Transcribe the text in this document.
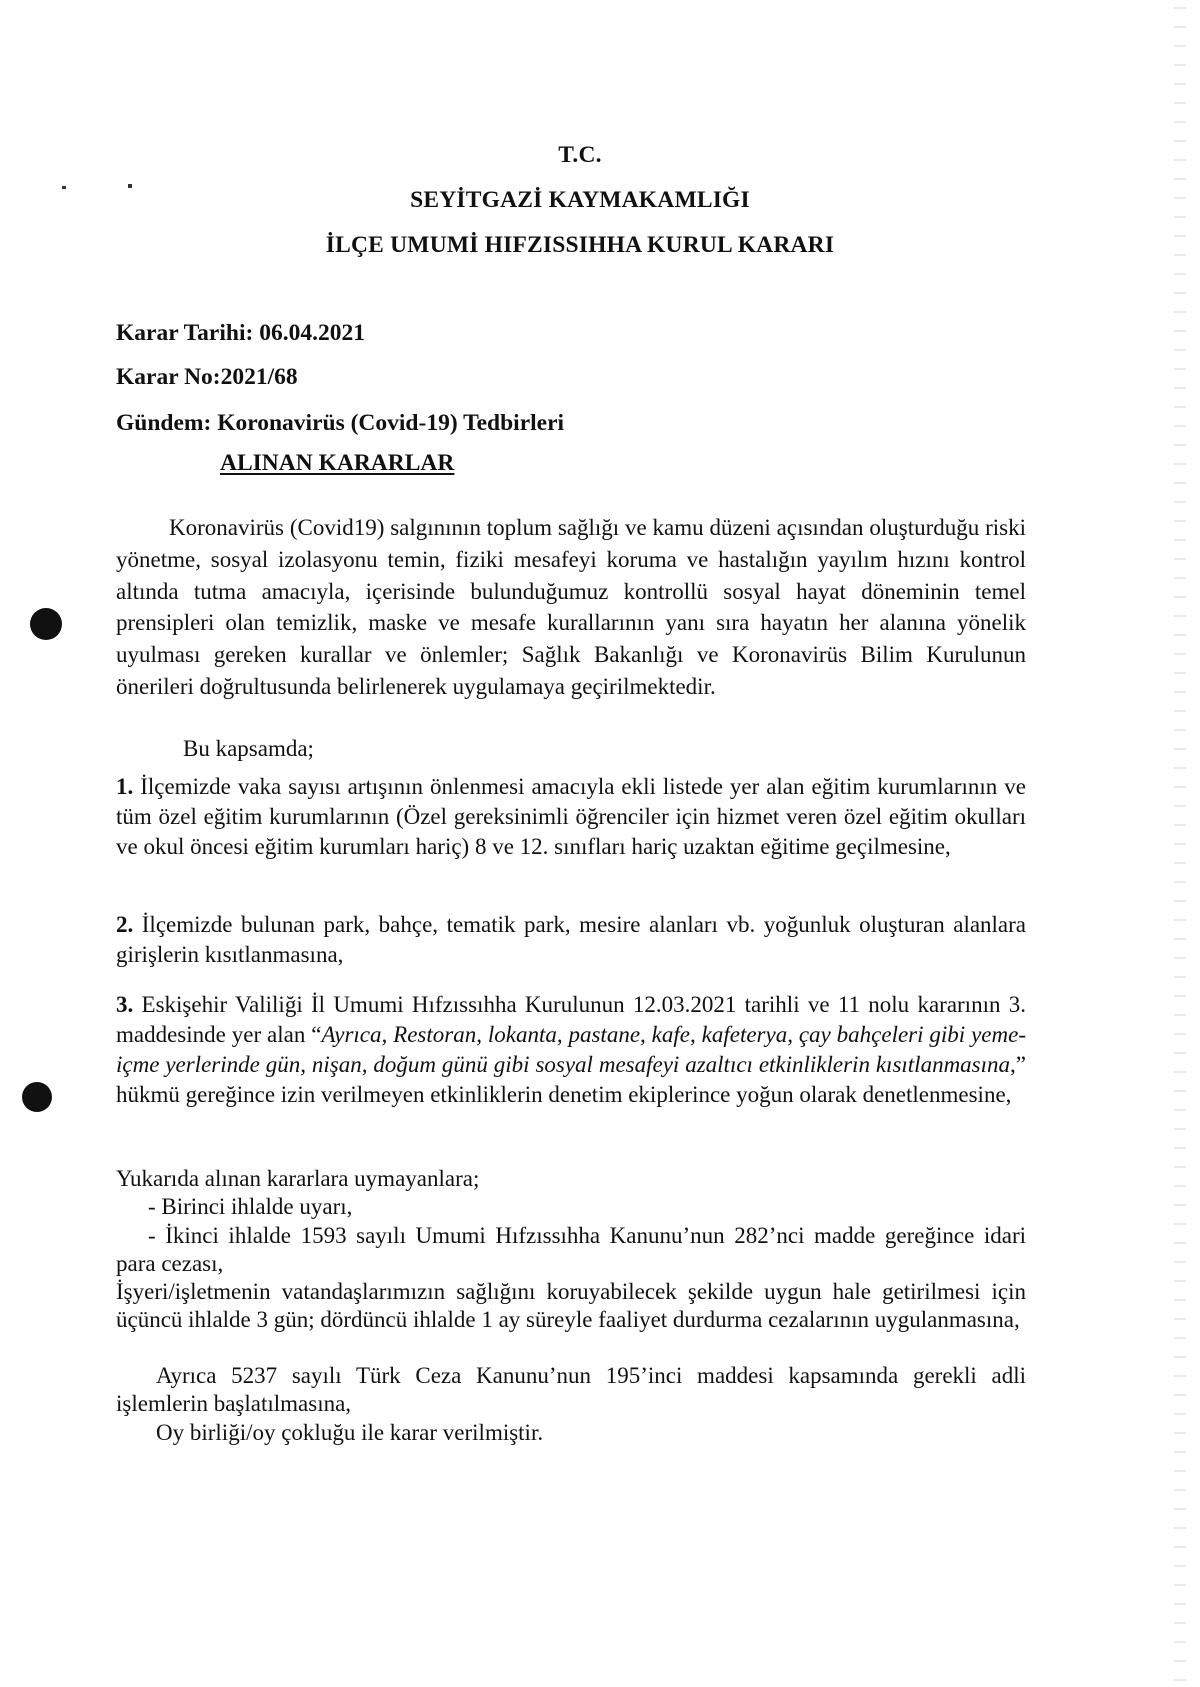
T.C.
SEYİTGAZİ KAYMAKAMLIĞI
İLÇE UMUMİ HIFZISSIHHA KURUL KARARI
Karar Tarihi: 06.04.2021
Karar No:2021/68
Gündem: Koronavirüs (Covid-19) Tedbirleri
ALINAN KARARLAR
Koronavirüs (Covid19) salgınının toplum sağlığı ve kamu düzeni açısından oluşturduğu riski yönetme, sosyal izolasyonu temin, fiziki mesafeyi koruma ve hastalığın yayılım hızını kontrol altında tutma amacıyla, içerisinde bulunduğumuz kontrollü sosyal hayat döneminin temel prensipleri olan temizlik, maske ve mesafe kurallarının yanı sıra hayatın her alanına yönelik uyulması gereken kurallar ve önlemler; Sağlık Bakanlığı ve Koronavirüs Bilim Kurulunun önerileri doğrultusunda belirlenerek uygulamaya geçirilmektedir.
Bu kapsamda;
1. İlçemizde vaka sayısı artışının önlenmesi amacıyla ekli listede yer alan eğitim kurumlarının ve tüm özel eğitim kurumlarının (Özel gereksinimli öğrenciler için hizmet veren özel eğitim okulları ve okul öncesi eğitim kurumları hariç) 8 ve 12. sınıfları hariç uzaktan eğitime geçilmesine,
2. İlçemizde bulunan park, bahçe, tematik park, mesire alanları vb. yoğunluk oluşturan alanlara girişlerin kısıtlanmasına,
3. Eskişehir Valiliği İl Umumi Hıfzıssıhha Kurulunun 12.03.2021 tarihli ve 11 nolu kararının 3. maddesinde yer alan “Ayrıca, Restoran, lokanta, pastane, kafe, kafeterya, çay bahçeleri gibi yeme-içme yerlerinde gün, nişan, doğum günü gibi sosyal mesafeyi azaltıcı etkinliklerin kısıtlanmasına,” hükmü gereğince izin verilmeyen etkinliklerin denetim ekiplerince yoğun olarak denetlenmesine,
Yukarıda alınan kararlara uymayanlara;
- Birinci ihlalde uyarı,
- İkinci ihlalde 1593 sayılı Umumi Hıfzıssıhha Kanunu’nun 282’nci madde gereğince idari para cezası,
İşyeri/işletmenin vatandaşlarımızın sağlığını koruyabilecek şekilde uygun hale getirilmesi için üçüncü ihlalde 3 gün; dördüncü ihlalde 1 ay süreyle faaliyet durdurma cezalarının uygulanmasına,
Ayrıca 5237 sayılı Türk Ceza Kanunu’nun 195’inci maddesi kapsamında gerekli adli işlemlerin başlatılmasına,
Oy birliği/oy çokluğu ile karar verilmiştir.
